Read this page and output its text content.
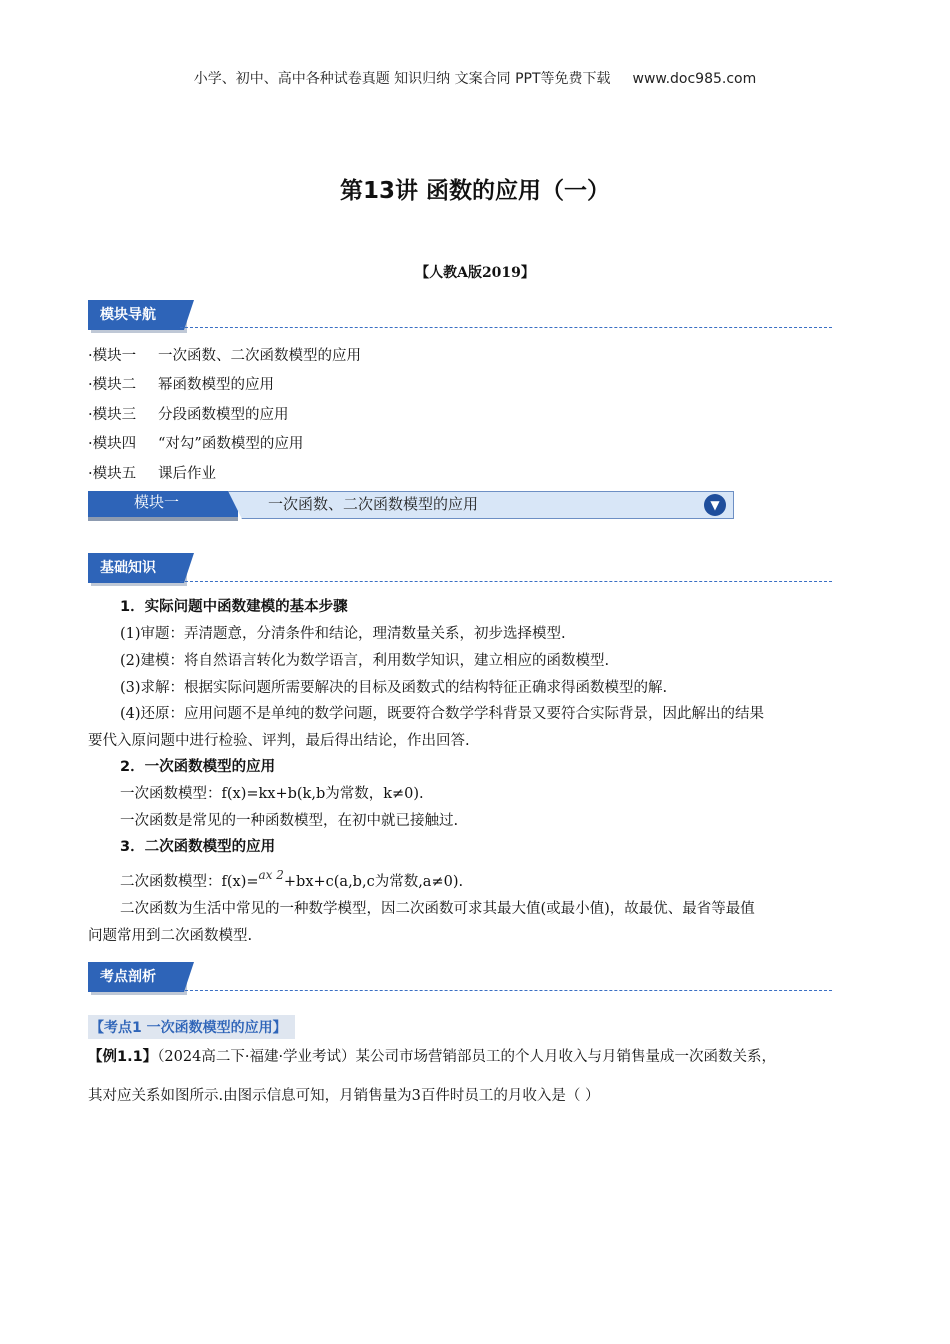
小学、初中、高中各种试卷真题 知识归纳 文案合同 PPT等免费下载 www.doc985.com
第13讲 函数的应用（一）
【人教A版2019】
模块导航
·模块一 一次函数、二次函数模型的应用
·模块二 幂函数模型的应用
·模块三 分段函数模型的应用
·模块四 “对勾”函数模型的应用
·模块五 课后作业
模块一	一次函数、二次函数模型的应用	▼
基础知识
1．实际问题中函数建模的基本步骤
(1)审题：弄清题意，分清条件和结论，理清数量关系，初步选择模型.
(2)建模：将自然语言转化为数学语言，利用数学知识，建立相应的函数模型.
(3)求解：根据实际问题所需要解决的目标及函数式的结构特征正确求得函数模型的解.
(4)还原：应用问题不是单纯的数学问题，既要符合数学学科背景又要符合实际背景，因此解出的结果
要代入原问题中进行检验、评判，最后得出结论，作出回答.
2．一次函数模型的应用
一次函数模型：f(x)=kx+b(k,b为常数，k≠0).
一次函数是常见的一种函数模型，在初中就已接触过.
3．二次函数模型的应用
二次函数模型：f(x)=$^{ax 2}$+bx+c(a,b,c为常数,a≠0).
二次函数为生活中常见的一种数学模型，因二次函数可求其最大值(或最小值)，故最优、最省等最值
问题常用到二次函数模型.
考点剖析
【考点1 一次函数模型的应用】
【例1.1】（2024高二下·福建·学业考试）某公司市场营销部员工的个人月收入与月销售量成一次函数关系，
其对应关系如图所示.由图示信息可知，月销售量为3百件时员工的月收入是（ ）
